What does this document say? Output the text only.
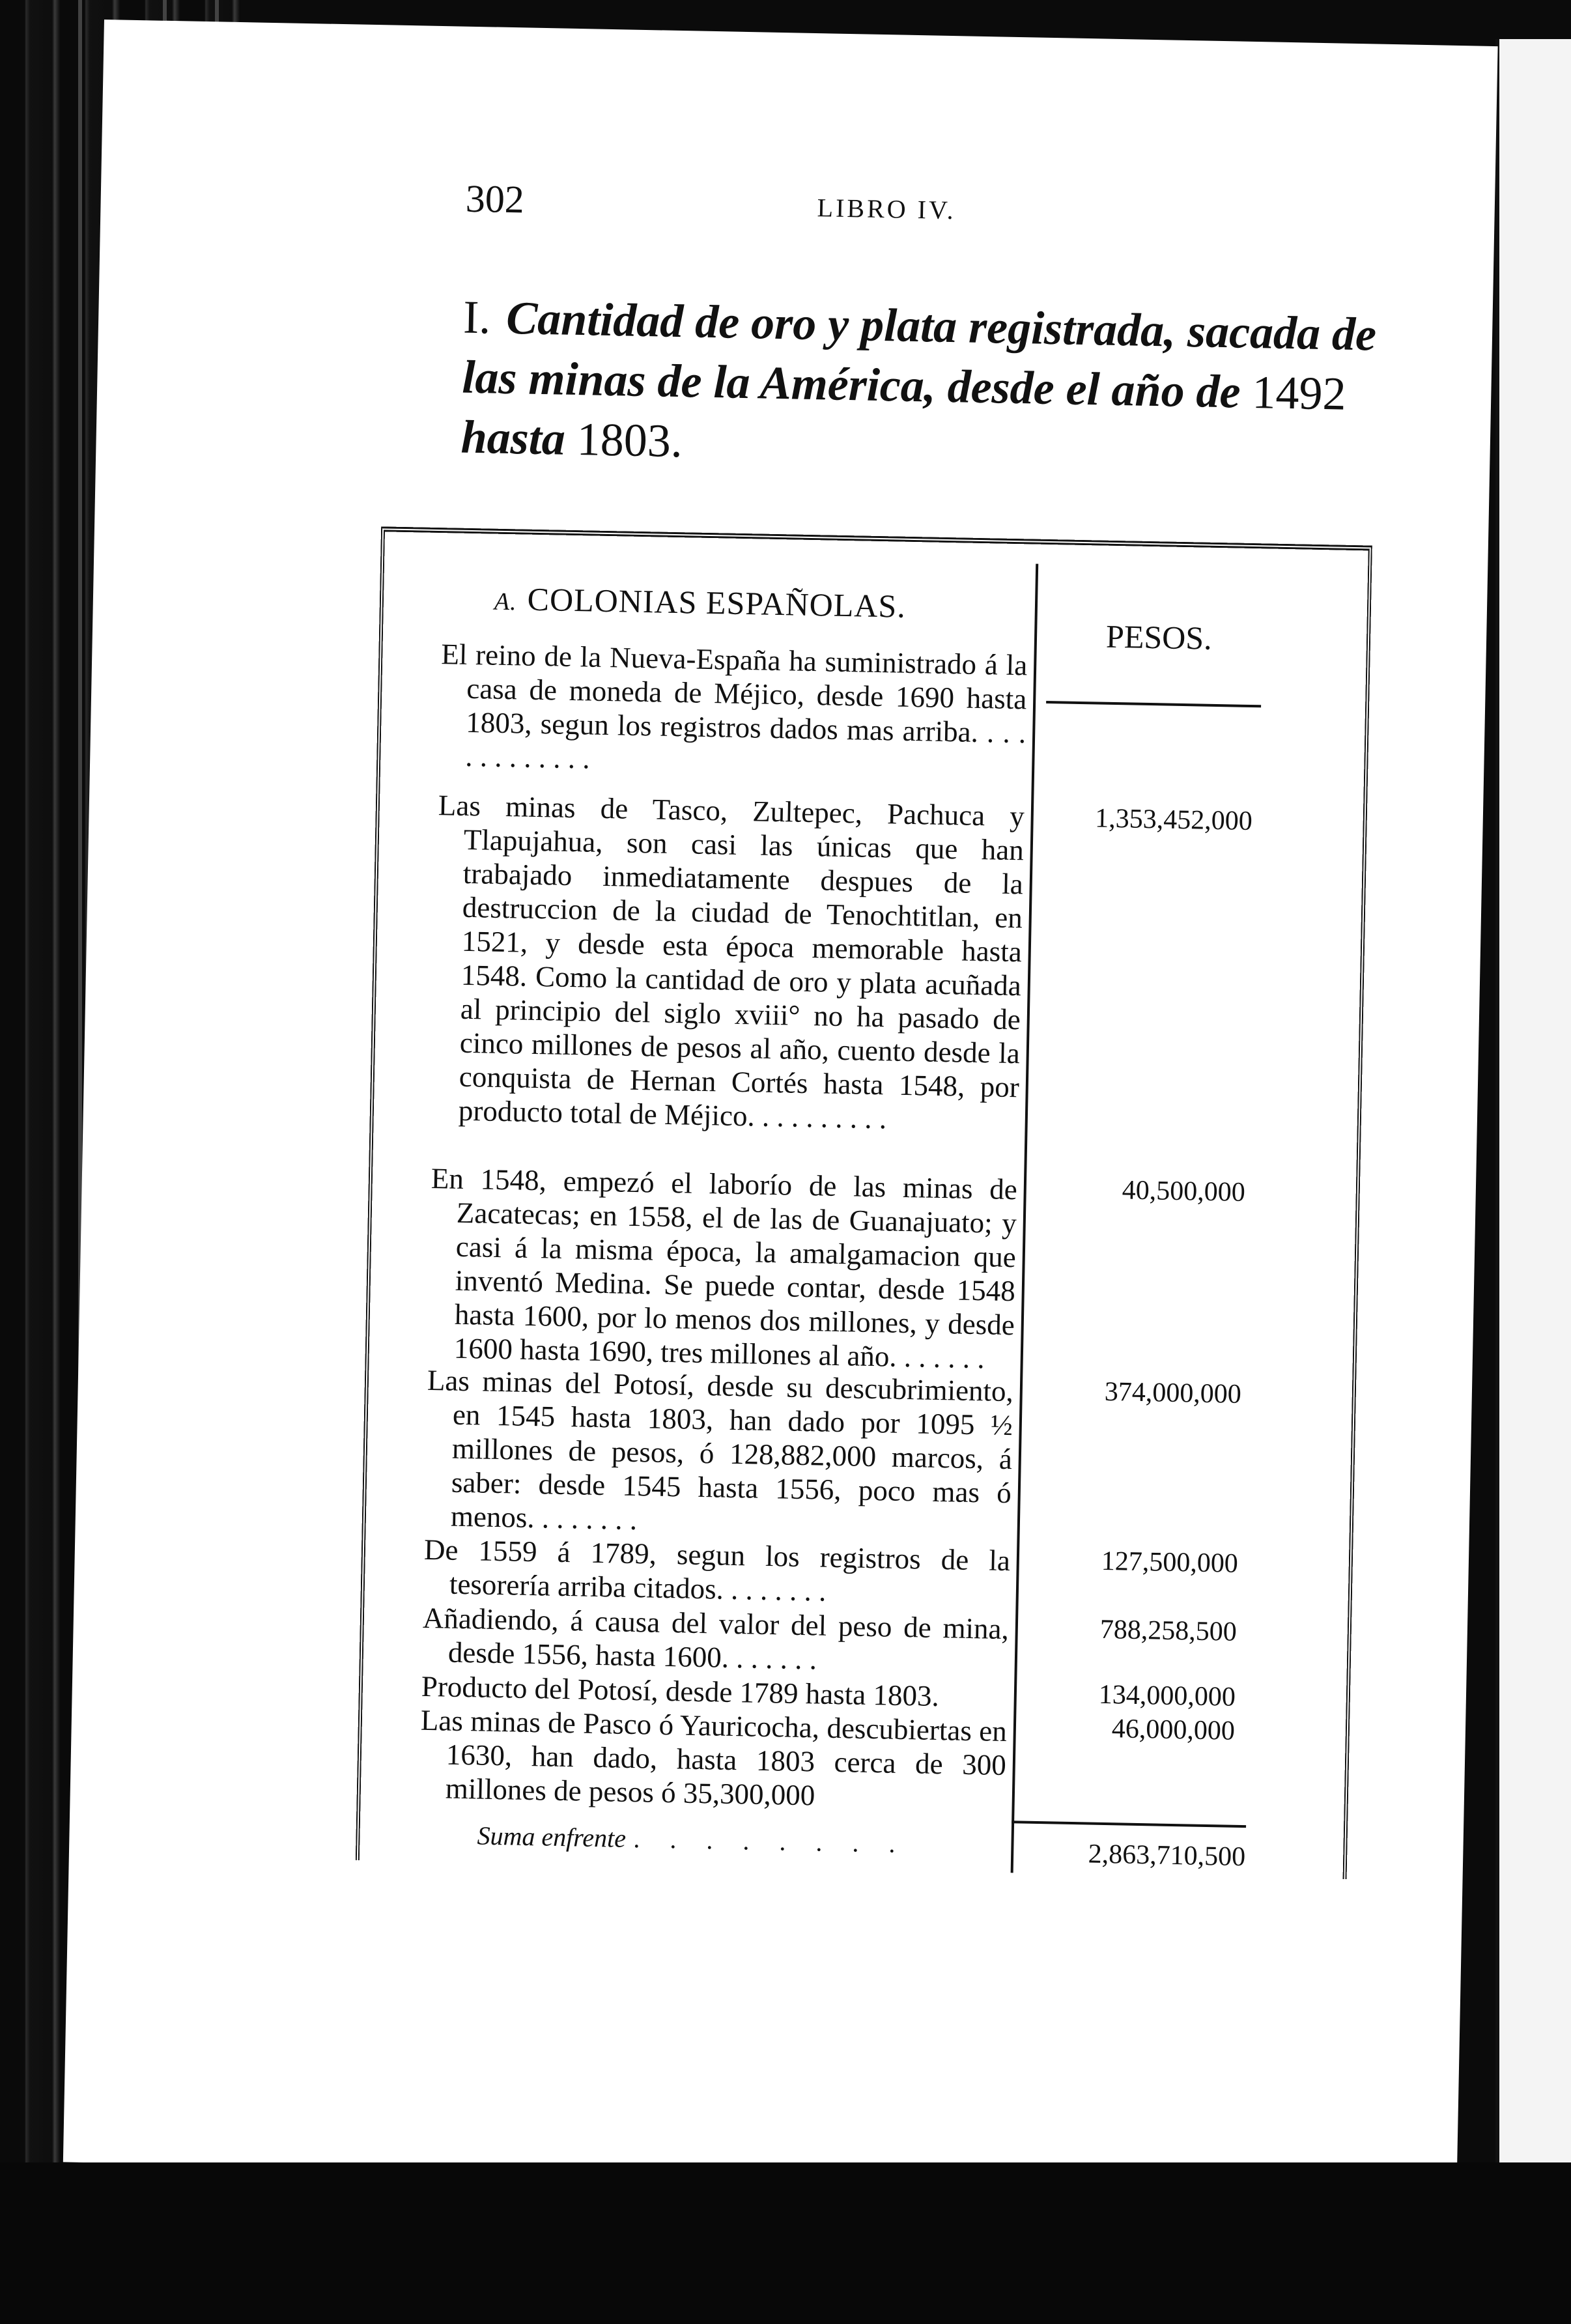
302	LIBRO IV.
I. Cantidad de oro y plata registrada, sacada de las minas de la América, desde el año de 1492 hasta 1803.
A. COLONIAS ESPAÑOLAS.
PESOS.
El reino de la Nueva-España ha suministrado á la casa de moneda de Méjico, desde 1690 hasta 1803, segun los registros dados mas arriba. . . . . . . . . . . . .
1,353,452,000
Las minas de Tasco, Zultepec, Pachuca y Tlapujahua, son casi las únicas que han trabajado inmediatamente despues de la destruccion de la ciudad de Tenochtitlan, en 1521, y desde esta época memorable hasta 1548. Como la cantidad de oro y plata acuñada al principio del siglo xviii° no ha pasado de cinco millones de pesos al año, cuento desde la conquista de Hernan Cortés hasta 1548, por producto total de Méjico. . . . . . . . . .
40,500,000
En 1548, empezó el laborío de las minas de Zacatecas; en 1558, el de las de Guanajuato; y casi á la misma época, la amalgamacion que inventó Medina. Se puede contar, desde 1548 hasta 1600, por lo menos dos millones, y desde 1600 hasta 1690, tres millones al año. . . . . . .
374,000,000
Las minas del Potosí, desde su descubrimiento, en 1545 hasta 1803, han dado por 1095 ½ millones de pesos, ó 128,882,000 marcos, á saber: desde 1545 hasta 1556, poco mas ó menos. . . . . . . .
127,500,000
De 1559 á 1789, segun los registros de la tesorería arriba citados. . . . . . . .
788,258,500
Añadiendo, á causa del valor del peso de mina, desde 1556, hasta 1600. . . . . . .
134,000,000
Producto del Potosí, desde 1789 hasta 1803.
46,000,000
Las minas de Pasco ó Yauricocha, descubiertas en 1630, han dado, hasta 1803 cerca de 300 millones de pesos ó 35,300,000
Suma enfrente . . . . . . . .	2,863,710,500
